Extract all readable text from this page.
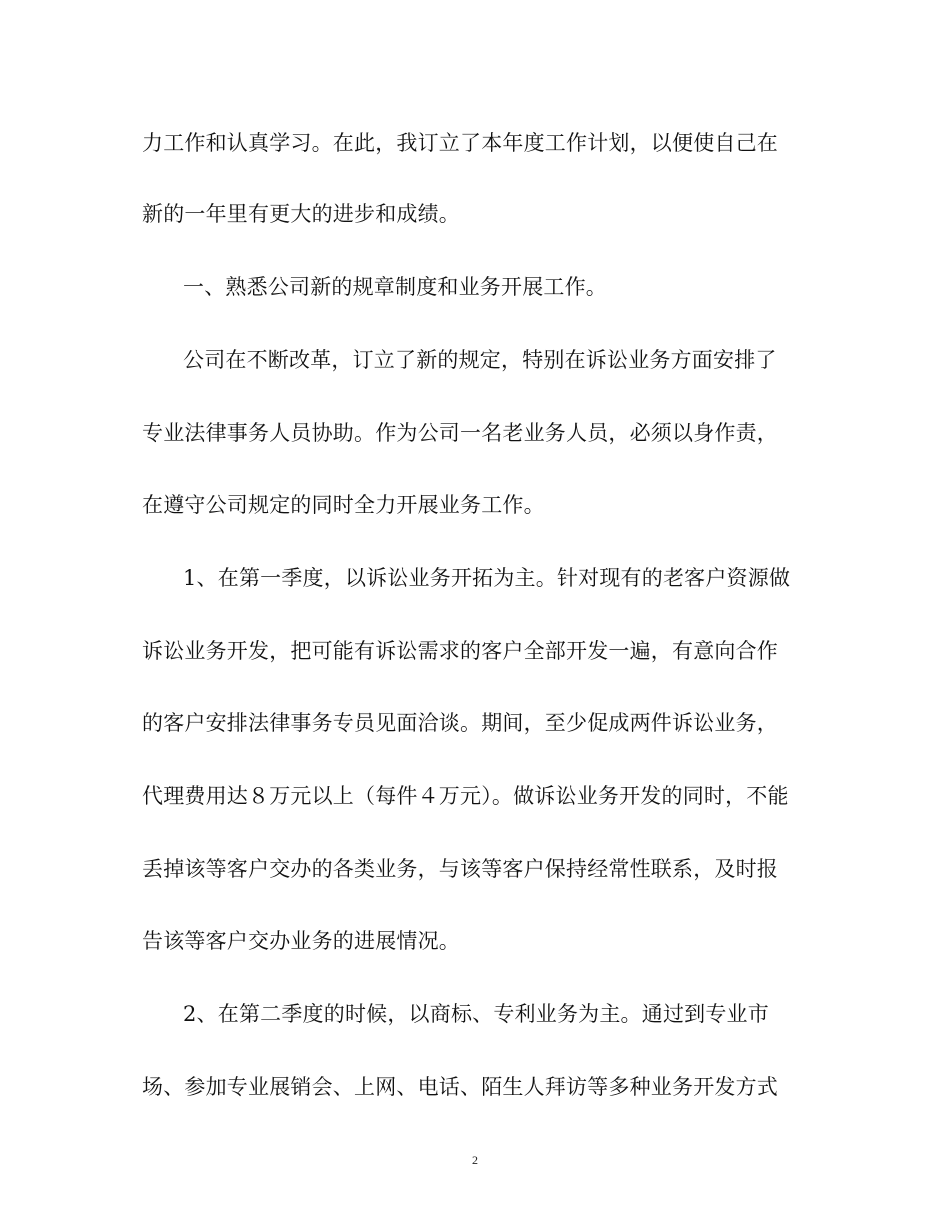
力工作和认真学习。在此，我订立了本年度工作计划，以便使自己在
新的一年里有更大的进步和成绩。
一、熟悉公司新的规章制度和业务开展工作。
公司在不断改革，订立了新的规定，特别在诉讼业务方面安排了
专业法律事务人员协助。作为公司一名老业务人员，必须以身作责，
在遵守公司规定的同时全力开展业务工作。
1、在第一季度，以诉讼业务开拓为主。针对现有的老客户资源做
诉讼业务开发，把可能有诉讼需求的客户全部开发一遍，有意向合作
的客户安排法律事务专员见面洽谈。期间，至少促成两件诉讼业务，
代理费用达８万元以上（每件４万元）。做诉讼业务开发的同时，不能
丢掉该等客户交办的各类业务，与该等客户保持经常性联系，及时报
告该等客户交办业务的进展情况。
2、在第二季度的时候，以商标、专利业务为主。通过到专业市
场、参加专业展销会、上网、电话、陌生人拜访等多种业务开发方式
2
